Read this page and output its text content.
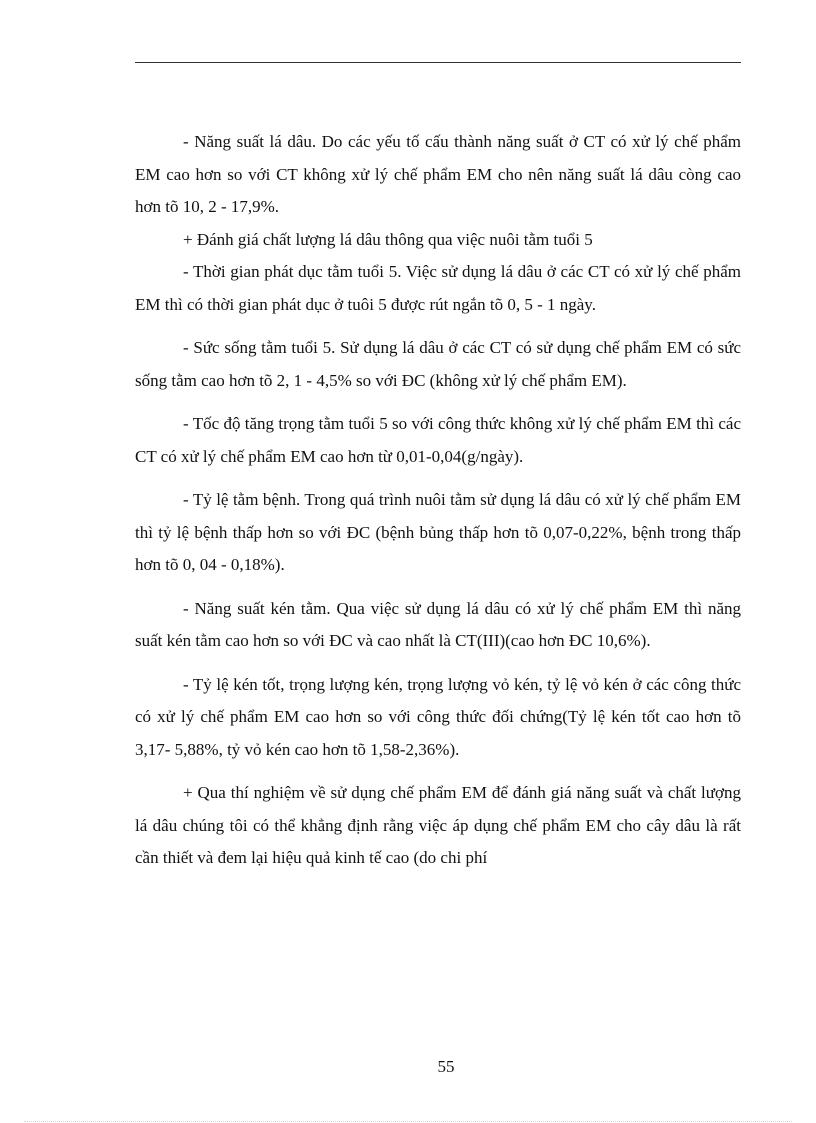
- Năng suất lá dâu. Do các yếu tố cấu thành năng suất ở CT có xử lý chế phẩm EM cao hơn so với CT không xử lý chế phẩm EM cho nên năng suất lá dâu còng cao hơn tõ 10, 2 - 17,9%.

+ Đánh giá chất lượng lá dâu thông qua việc nuôi tằm tuổi 5

- Thời gian phát dục tằm tuổi 5. Việc sử dụng lá dâu ở các CT có xử lý chế phẩm EM thì có thời gian phát dục ở tuôi 5 được rút ngắn tõ 0, 5 - 1 ngày.

- Sức sống tằm tuổi 5. Sử dụng lá dâu ở các CT có sử dụng chế phẩm EM có sức sống tằm cao hơn tõ 2, 1 - 4,5% so với ĐC (không xử lý chế phẩm EM).

- Tốc độ tăng trọng tằm tuổi 5 so với công thức không xử lý chế phẩm EM thì các CT có xử lý chế phẩm EM cao hơn từ 0,01-0,04(g/ngày).

- Tỷ lệ tằm bệnh. Trong quá trình nuôi tằm sử dụng lá dâu có xử lý chế phẩm EM thì tỷ lệ bệnh thấp hơn so với ĐC (bệnh bủng thấp hơn tõ 0,07-0,22%, bệnh trong thấp hơn tõ 0, 04 - 0,18%).

- Năng suất kén tằm. Qua việc sử dụng lá dâu có xử lý chế phẩm EM thì năng suất kén tằm cao hơn so với ĐC và cao nhất là CT(III)(cao hơn ĐC 10,6%).

- Tỷ lệ kén tốt, trọng lượng kén, trọng lượng vỏ kén, tỷ lệ vỏ kén ở các công thức có xử lý chế phẩm EM cao hơn so với công thức đối chứng(Tỷ lệ kén tốt cao hơn tõ 3,17- 5,88%, tỷ vỏ kén cao hơn tõ 1,58-2,36%).

+ Qua thí nghiệm về sử dụng chế phẩm EM để đánh giá năng suất và chất lượng lá dâu chúng tôi có thể khẳng định rằng việc áp dụng chế phẩm EM cho cây dâu là rất cần thiết và đem lại hiệu quả kinh tế cao (do chi phí

55
